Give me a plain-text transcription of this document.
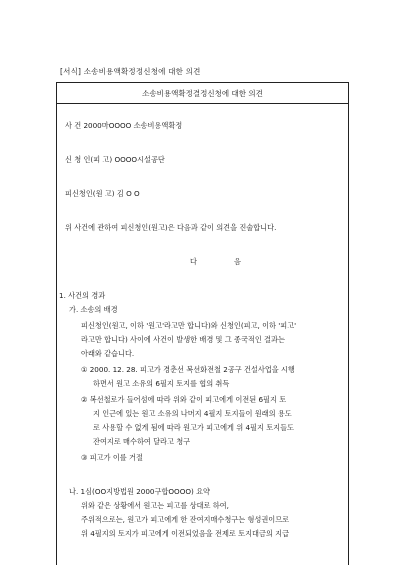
[서식] 소송비용액확정정신청에 대한 의견
소송비용액확정결정신청에 대한 의견
사 건 2000마OOOO 소송비용액확정
신 청 인(피 고) OOOO시설공단
피신청인(원 고) 김 O O
위 사건에 관하여 피신청인(원고)은 다음과 같이 의견을 진술합니다.
다	음
1. 사건의 경과
가. 소송의 배경
피신청인(원고, 이하 '원고'라고만 합니다)와 신청인(피고, 이하 '피고'
라고만 합니다) 사이에 사건이 발생한 배경 및 그 종국적인 결과는
아래와 같습니다.
① 2000. 12. 28. 피고가 경춘선 복선화전철 2공구 건설사업을 시행
하면서 원고 소유의 6필지 토지를 협의 취득
② 복선철로가 들어섬에 따라 위와 같이 피고에게 이전된 6필지 토
지 인근에 있는 원고 소유의 나머지 4필지 토지들이 원래의 용도
로 사용할 수 없게 됨에 따라 원고가 피고에게 위 4필지 토지들도
잔여지로 매수하여 달라고 청구
③ 피고가 이를 거절
나. 1심(OO지방법원 2000구합OOOO) 요약
위와 같은 상황에서 원고는 피고를 상대로 하여,
주위적으로는, 원고가 피고에게 한 잔여지매수청구는 형성권이므로
위 4필지의 토지가 피고에게 이전되었음을 전제로 토지대금의 지급
